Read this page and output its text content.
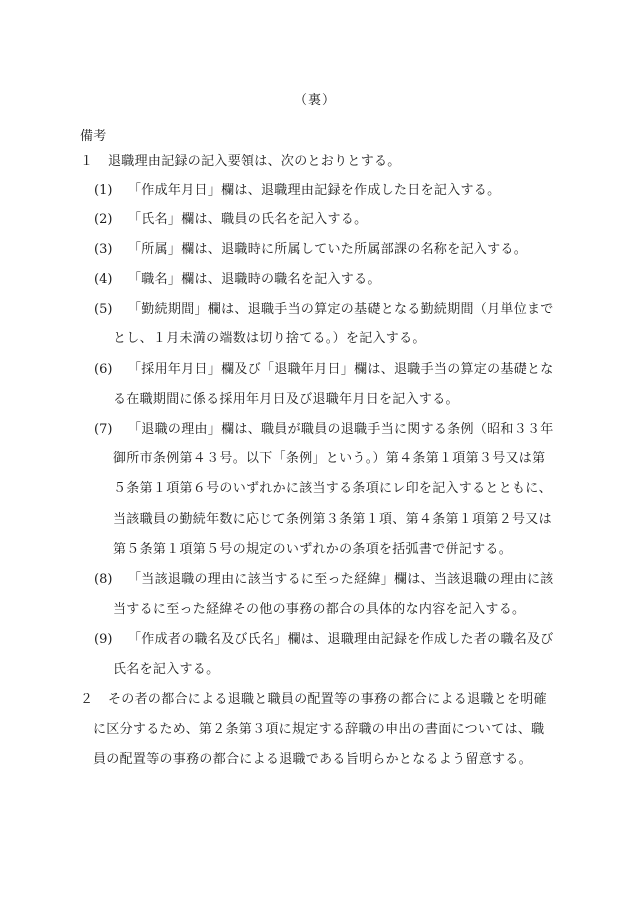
（裏）
備考
１ 退職理由記録の記入要領は、次のとおりとする。
(1) 「作成年月日」欄は、退職理由記録を作成した日を記入する。
(2) 「氏名」欄は、職員の氏名を記入する。
(3) 「所属」欄は、退職時に所属していた所属部課の名称を記入する。
(4) 「職名」欄は、退職時の職名を記入する。
(5) 「勤続期間」欄は、退職手当の算定の基礎となる勤続期間（月単位まで
とし、１月未満の端数は切り捨てる。）を記入する。
(6) 「採用年月日」欄及び「退職年月日」欄は、退職手当の算定の基礎とな
る在職期間に係る採用年月日及び退職年月日を記入する。
(7) 「退職の理由」欄は、職員が職員の退職手当に関する条例（昭和３３年
御所市条例第４３号。以下「条例」という。）第４条第１項第３号又は第
５条第１項第６号のいずれかに該当する条項にレ印を記入するとともに、
当該職員の勤続年数に応じて条例第３条第１項、第４条第１項第２号又は
第５条第１項第５号の規定のいずれかの条項を括弧書で併記する。
(8) 「当該退職の理由に該当するに至った経緯」欄は、当該退職の理由に該
当するに至った経緯その他の事務の都合の具体的な内容を記入する。
(9) 「作成者の職名及び氏名」欄は、退職理由記録を作成した者の職名及び
氏名を記入する。
２ その者の都合による退職と職員の配置等の事務の都合による退職とを明確
に区分するため、第２条第３項に規定する辞職の申出の書面については、職
員の配置等の事務の都合による退職である旨明らかとなるよう留意する。
